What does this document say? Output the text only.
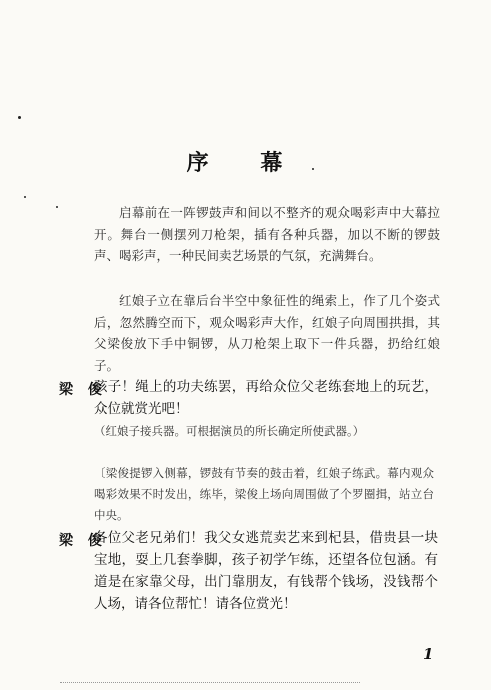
序 幕

启幕前在一阵锣鼓声和间以不整齐的观众喝彩声中大幕拉开。舞台一侧摆列刀枪架，插有各种兵器，加以不断的锣鼓声、喝彩声，一种民间卖艺场景的气氛，充满舞台。

红娘子立在靠后台半空中象征性的绳索上，作了几个姿式后，忽然腾空而下，观众喝彩声大作，红娘子向周围拱揖，其父梁俊放下手中铜锣，从刀枪架上取下一件兵器，扔给红娘子。

梁 俊

孩子！绳上的功夫练罢，再给众位父老练套地上的玩艺，众位就赏光吧！

（红娘子接兵器。可根据演员的所长确定所使武器。）

〔梁俊提锣入侧幕，锣鼓有节奏的鼓击着，红娘子练武。幕内观众喝彩效果不时发出，练毕，梁俊上场向周围做了个罗圈揖，站立台中央。

梁 俊

各位父老兄弟们！我父女逃荒卖艺来到杞县，借贵县一块宝地，耍上几套拳脚，孩子初学乍练，还望各位包涵。有道是在家靠父母，出门靠朋友，有钱帮个钱场，没钱帮个人场，请各位帮忙！请各位赏光！

1
